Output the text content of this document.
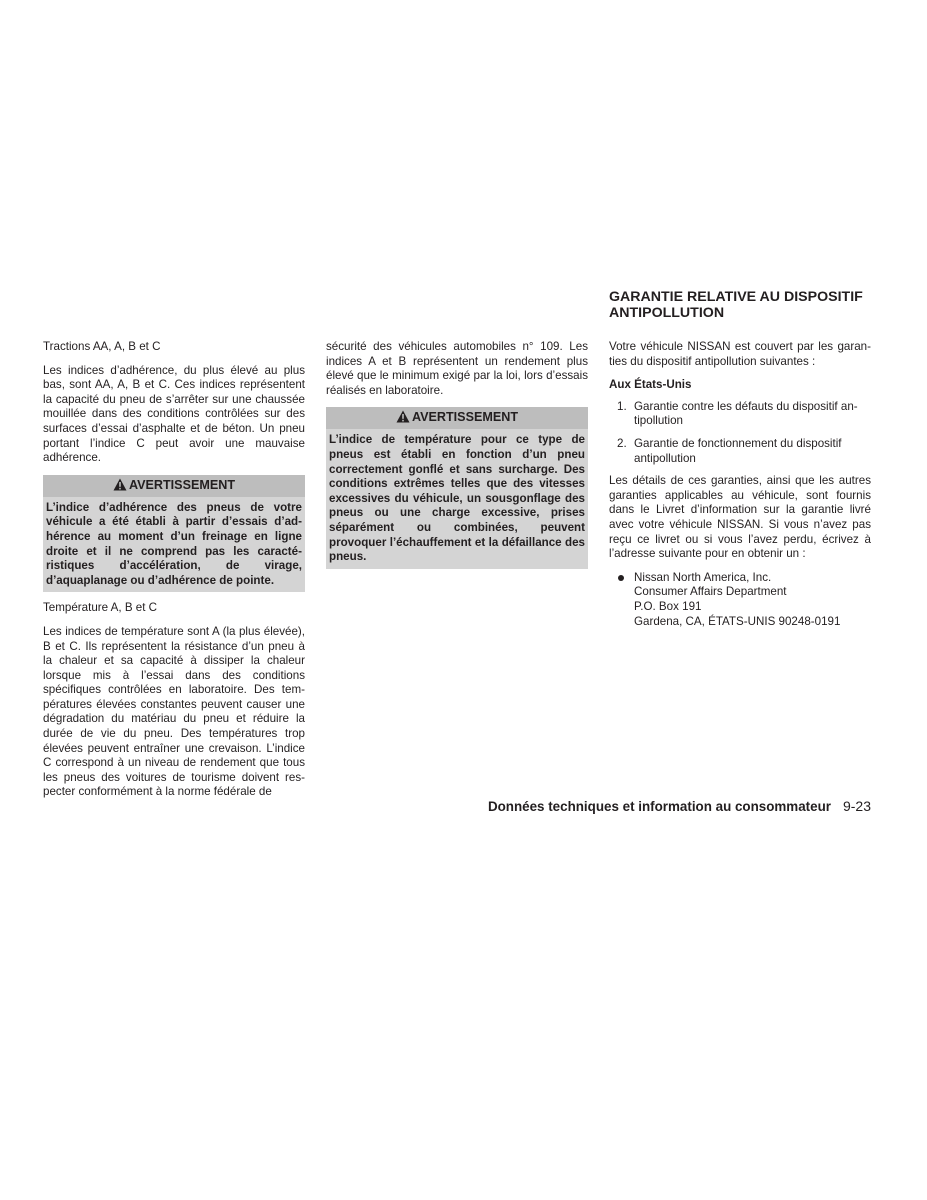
GARANTIE RELATIVE AU DISPOSITIF ANTIPOLLUTION

Tractions AA, A, B et C

Les indices d’adhérence, du plus élevé au plus bas, sont AA, A, B et C. Ces indices représentent la capacité du pneu de s’arrêter sur une chaussée mouillée dans des conditions contrôlées sur des surfaces d’essai d’asphalte et de béton. Un pneu portant l’indice C peut avoir une mauvaise adhérence.

AVERTISSEMENT
L’indice d’adhérence des pneus de votre véhicule a été établi à partir d’essais d’adhérence au moment d’un freinage en ligne droite et il ne comprend pas les caractéristiques d’accélération, de virage, d’aquaplanage ou d’adhérence de pointe.

Température A, B et C

Les indices de température sont A (la plus élevée), B et C. Ils représentent la résistance d’un pneu à la chaleur et sa capacité à dissiper la chaleur lorsque mis à l’essai dans des conditions spécifiques contrôlées en laboratoire. Des températures élevées constantes peuvent causer une dégradation du matériau du pneu et réduire la durée de vie du pneu. Des températures trop élevées peuvent entraîner une crevaison. L’indice C correspond à un niveau de rendement que tous les pneus des voitures de tourisme doivent respecter conformément à la norme fédérale de

sécurité des véhicules automobiles n° 109. Les indices A et B représentent un rendement plus élevé que le minimum exigé par la loi, lors d’essais réalisés en laboratoire.

AVERTISSEMENT
L’indice de température pour ce type de pneus est établi en fonction d’un pneu correctement gonflé et sans surcharge. Des conditions extrêmes telles que des vitesses excessives du véhicule, un sousgonflage des pneus ou une charge excessive, prises séparément ou combinées, peuvent provoquer l’échauffement et la défaillance des pneus.

Votre véhicule NISSAN est couvert par les garanties du dispositif antipollution suivantes :

Aux États-Unis
1. Garantie contre les défauts du dispositif antipollution
2. Garantie de fonctionnement du dispositif antipollution

Les détails de ces garanties, ainsi que les autres garanties applicables au véhicule, sont fournis dans le Livret d’information sur la garantie livré avec votre véhicule NISSAN. Si vous n’avez pas reçu ce livret ou si vous l’avez perdu, écrivez à l’adresse suivante pour en obtenir un :

Nissan North America, Inc.
Consumer Affairs Department
P.O. Box 191
Gardena, CA, ÉTATS-UNIS 90248-0191
Données techniques et information au consommateur 9-23
